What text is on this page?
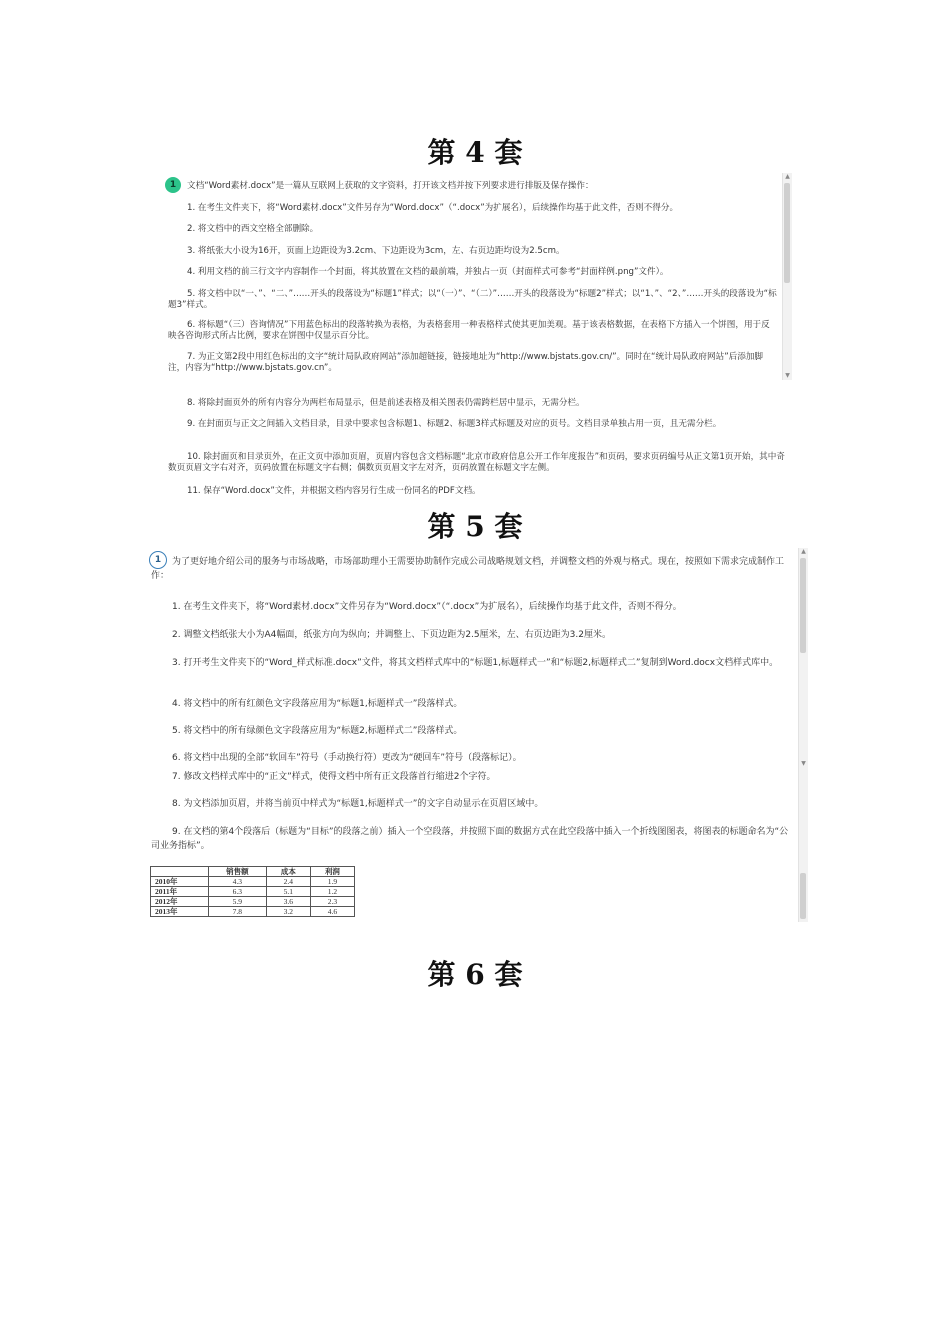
第 4 套
▲
▼
1	文档“Word素材.docx”是一篇从互联网上获取的文字资料，打开该文档并按下列要求进行排版及保存操作：
1. 在考生文件夹下，将“Word素材.docx”文件另存为“Word.docx”（“.docx”为扩展名），后续操作均基于此文件，否则不得分。
2. 将文档中的西文空格全部删除。
3. 将纸张大小设为16开，页面上边距设为3.2cm、下边距设为3cm，左、右页边距均设为2.5cm。
4. 利用文档的前三行文字内容制作一个封面，将其放置在文档的最前端，并独占一页（封面样式可参考“封面样例.png”文件）。
5. 将文档中以“一、”、“二、”……开头的段落设为“标题1”样式；以“（一）”、“（二）”……开头的段落设为“标题2”样式；以“1、”、“2、”……开头的段落设为“标题3”样式。
6. 将标题“（三）咨询情况”下用蓝色标出的段落转换为表格，为表格套用一种表格样式使其更加美观。基于该表格数据，在表格下方插入一个饼图，用于反映各咨询形式所占比例，要求在饼图中仅显示百分比。
7. 为正文第2段中用红色标出的文字“统计局队政府网站”添加超链接，链接地址为“http://www.bjstats.gov.cn/”。同时在“统计局队政府网站”后添加脚注，内容为“http://www.bjstats.gov.cn”。
8. 将除封面页外的所有内容分为两栏布局显示，但是前述表格及相关图表仍需跨栏居中显示，无需分栏。
9. 在封面页与正文之间插入文档目录，目录中要求包含标题1、标题2、标题3样式标题及对应的页号。文档目录单独占用一页，且无需分栏。
10. 除封面页和目录页外，在正文页中添加页眉，页眉内容包含文档标题“北京市政府信息公开工作年度报告”和页码，要求页码编号从正文第1页开始，其中奇数页页眉文字右对齐，页码放置在标题文字右侧；偶数页页眉文字左对齐，页码放置在标题文字左侧。
11. 保存“Word.docx”文件，并根据文档内容另行生成一份同名的PDF文档。
第 5 套
▲
▼
1	为了更好地介绍公司的服务与市场战略，市场部助理小王需要协助制作完成公司战略规划文档，并调整文档的外观与格式。现在，按照如下需求完成制作工作：
1. 在考生文件夹下，将“Word素材.docx”文件另存为“Word.docx”（“.docx”为扩展名），后续操作均基于此文件，否则不得分。
2. 调整文档纸张大小为A4幅面，纸张方向为纵向；并调整上、下页边距为2.5厘米，左、右页边距为3.2厘米。
3. 打开考生文件夹下的“Word_样式标准.docx”文件，将其文档样式库中的“标题1,标题样式一”和“标题2,标题样式二”复制到Word.docx文档样式库中。
4. 将文档中的所有红颜色文字段落应用为“标题1,标题样式一”段落样式。
5. 将文档中的所有绿颜色文字段落应用为“标题2,标题样式二”段落样式。
6. 将文档中出现的全部“软回车”符号（手动换行符）更改为“硬回车”符号（段落标记）。
7. 修改文档样式库中的“正文”样式，使得文档中所有正文段落首行缩进2个字符。
8. 为文档添加页眉，并将当前页中样式为“标题1,标题样式一”的文字自动显示在页眉区域中。
9. 在文档的第4个段落后（标题为“目标”的段落之前）插入一个空段落，并按照下面的数据方式在此空段落中插入一个折线图图表，将图表的标题命名为“公司业务指标”。
	销售额	成本	利润
2010年	4.3	2.4	1.9
2011年	6.3	5.1	1.2
2012年	5.9	3.6	2.3
2013年	7.8	3.2	4.6
第 6 套
